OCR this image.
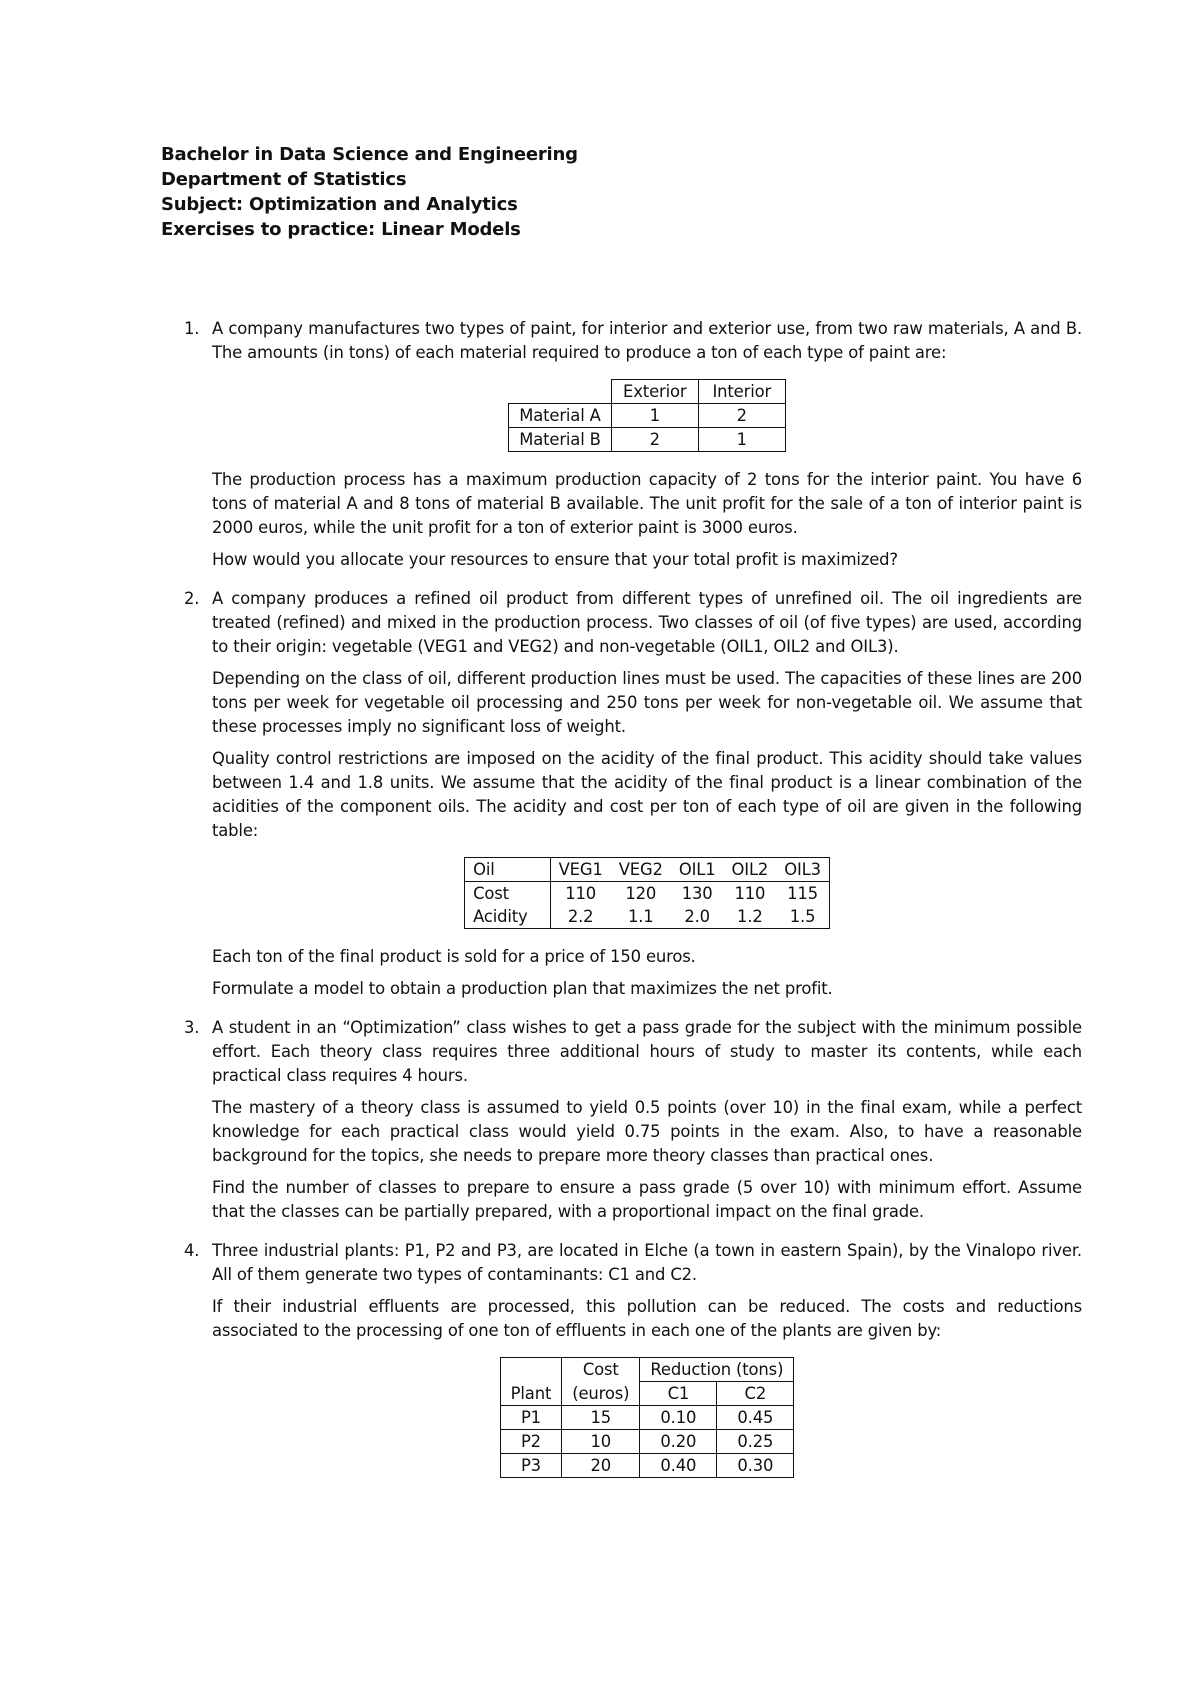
Bachelor in Data Science and Engineering
Department of Statistics
Subject: Optimization and Analytics
Exercises to practice: Linear Models
1. A company manufactures two types of paint, for interior and exterior use, from two raw materials, A and B. The amounts (in tons) of each material required to produce a ton of each type of paint are:

	Exterior	Interior
Material A	1	2
Material B	2	1

The production process has a maximum production capacity of 2 tons for the interior paint. You have 6 tons of material A and 8 tons of material B available. The unit profit for the sale of a ton of interior paint is 2000 euros, while the unit profit for a ton of exterior paint is 3000 euros.

How would you allocate your resources to ensure that your total profit is maximized?

2. A company produces a refined oil product from different types of unrefined oil. The oil ingredients are treated (refined) and mixed in the production process. Two classes of oil (of five types) are used, according to their origin: vegetable (VEG1 and VEG2) and non-vegetable (OIL1, OIL2 and OIL3).

Depending on the class of oil, different production lines must be used. The capacities of these lines are 200 tons per week for vegetable oil processing and 250 tons per week for non-vegetable oil. We assume that these processes imply no significant loss of weight.

Quality control restrictions are imposed on the acidity of the final product. This acidity should take values between 1.4 and 1.8 units. We assume that the acidity of the final product is a linear combination of the acidities of the component oils. The acidity and cost per ton of each type of oil are given in the following table:

Oil	VEG1	VEG2	OIL1	OIL2	OIL3
Cost	110	120	130	110	115
Acidity	2.2	1.1	2.0	1.2	1.5

Each ton of the final product is sold for a price of 150 euros.

Formulate a model to obtain a production plan that maximizes the net profit.

3. A student in an “Optimization” class wishes to get a pass grade for the subject with the minimum possible effort. Each theory class requires three additional hours of study to master its contents, while each practical class requires 4 hours.

The mastery of a theory class is assumed to yield 0.5 points (over 10) in the final exam, while a perfect knowledge for each practical class would yield 0.75 points in the exam. Also, to have a reasonable background for the topics, she needs to prepare more theory classes than practical ones.

Find the number of classes to prepare to ensure a pass grade (5 over 10) with minimum effort. Assume that the classes can be partially prepared, with a proportional impact on the final grade.

4. Three industrial plants: P1, P2 and P3, are located in Elche (a town in eastern Spain), by the Vinalopo river. All of them generate two types of contaminants: C1 and C2.

If their industrial effluents are processed, this pollution can be reduced. The costs and reductions associated to the processing of one ton of effluents in each one of the plants are given by:

	Cost	Reduction (tons)	
Plant	(euros)	C1	C2
P1	15	0.10	0.45
P2	10	0.20	0.25
P3	20	0.40	0.30
